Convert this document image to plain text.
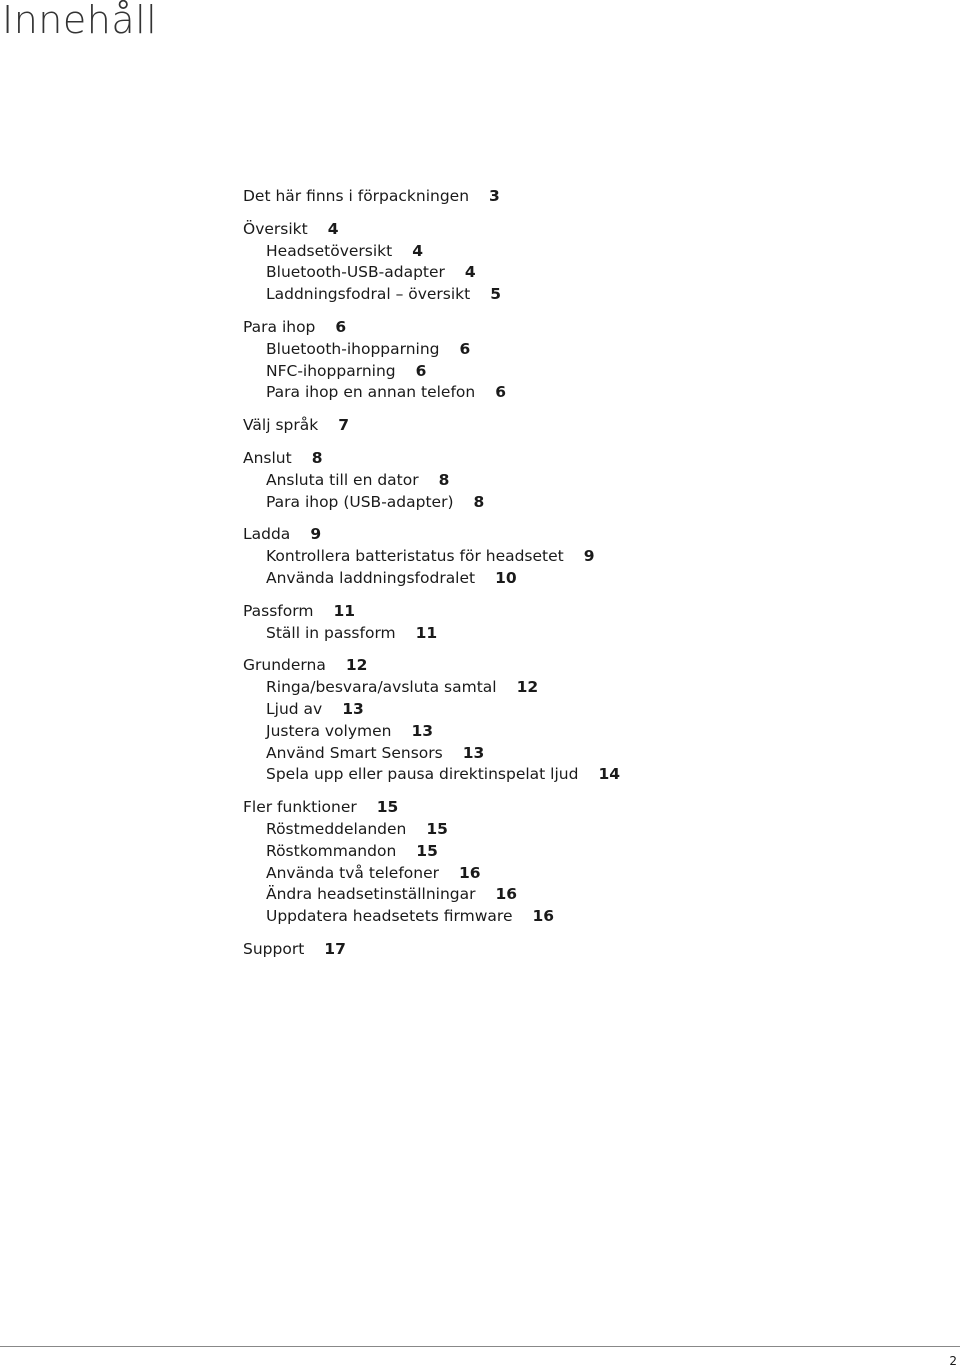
Innehåll
Det här finns i förpackningen 3
Översikt 4
Headsetöversikt 4
Bluetooth-USB-adapter 4
Laddningsfodral – översikt 5
Para ihop 6
Bluetooth-ihopparning 6
NFC-ihopparning 6
Para ihop en annan telefon 6
Välj språk 7
Anslut 8
Ansluta till en dator 8
Para ihop (USB-adapter) 8
Ladda 9
Kontrollera batteristatus för headsetet 9
Använda laddningsfodralet 10
Passform 11
Ställ in passform 11
Grunderna 12
Ringa/besvara/avsluta samtal 12
Ljud av 13
Justera volymen 13
Använd Smart Sensors 13
Spela upp eller pausa direktinspelat ljud 14
Fler funktioner 15
Röstmeddelanden 15
Röstkommandon 15
Använda två telefoner 16
Ändra headsetinställningar 16
Uppdatera headsetets firmware 16
Support 17
2
